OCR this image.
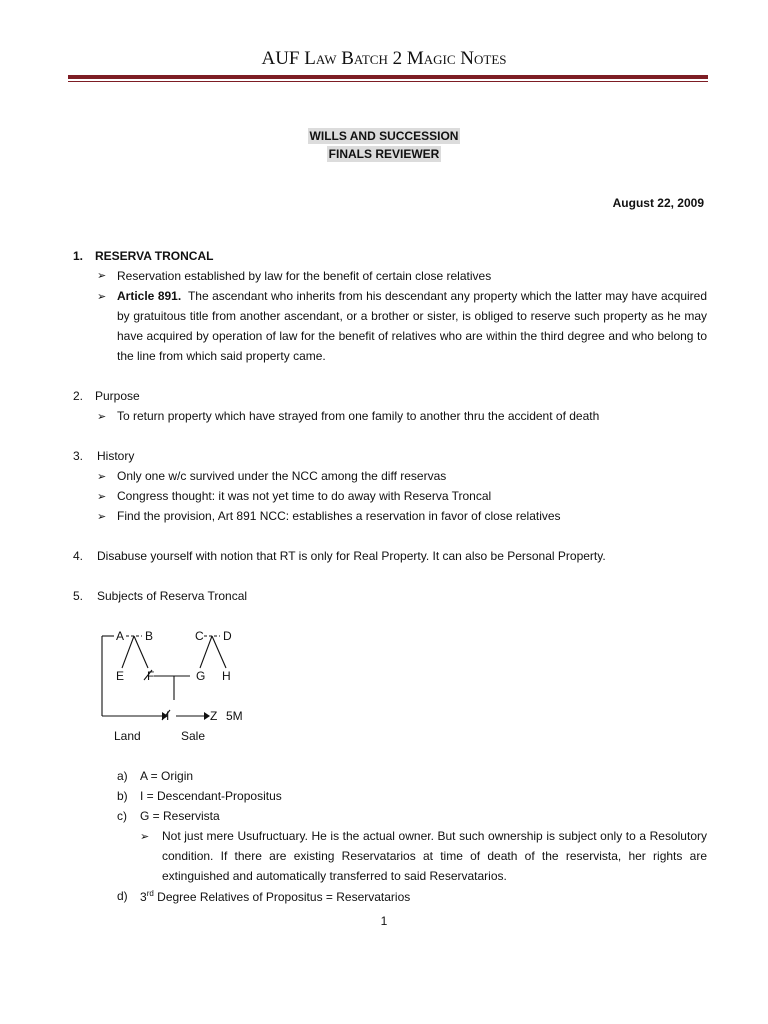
AUF Law Batch 2 Magic Notes
WILLS AND SUCCESSION
FINALS REVIEWER
August 22, 2009
1. RESERVA TRONCAL
➢ Reservation established by law for the benefit of certain close relatives
➢ Article 891. The ascendant who inherits from his descendant any property which the latter may have acquired by gratuitous title from another ascendant, or a brother or sister, is obliged to reserve such property as he may have acquired by operation of law for the benefit of relatives who are within the third degree and who belong to the line from which said property came.
2. Purpose
➢ To return property which have strayed from one family to another thru the accident of death
3. History
➢ Only one w/c survived under the NCC among the diff reservas
➢ Congress thought: it was not yet time to do away with Reserva Troncal
➢ Find the provision, Art 891 NCC: establishes a reservation in favor of close relatives
4. Disabuse yourself with notion that RT is only for Real Property. It can also be Personal Property.
5. Subjects of Reserva Troncal
A B	C D
E F	G H
I	Z 5M
Land	Sale
a) A = Origin
b) I = Descendant-Propositus
c) G = Reservista
➢ Not just mere Usufructuary. He is the actual owner. But such ownership is subject only to a Resolutory condition. If there are existing Reservatarios at time of death of the reservista, her rights are extinguished and automatically transferred to said Reservatarios.
d) 3rd Degree Relatives of Propositus = Reservatarios
1
